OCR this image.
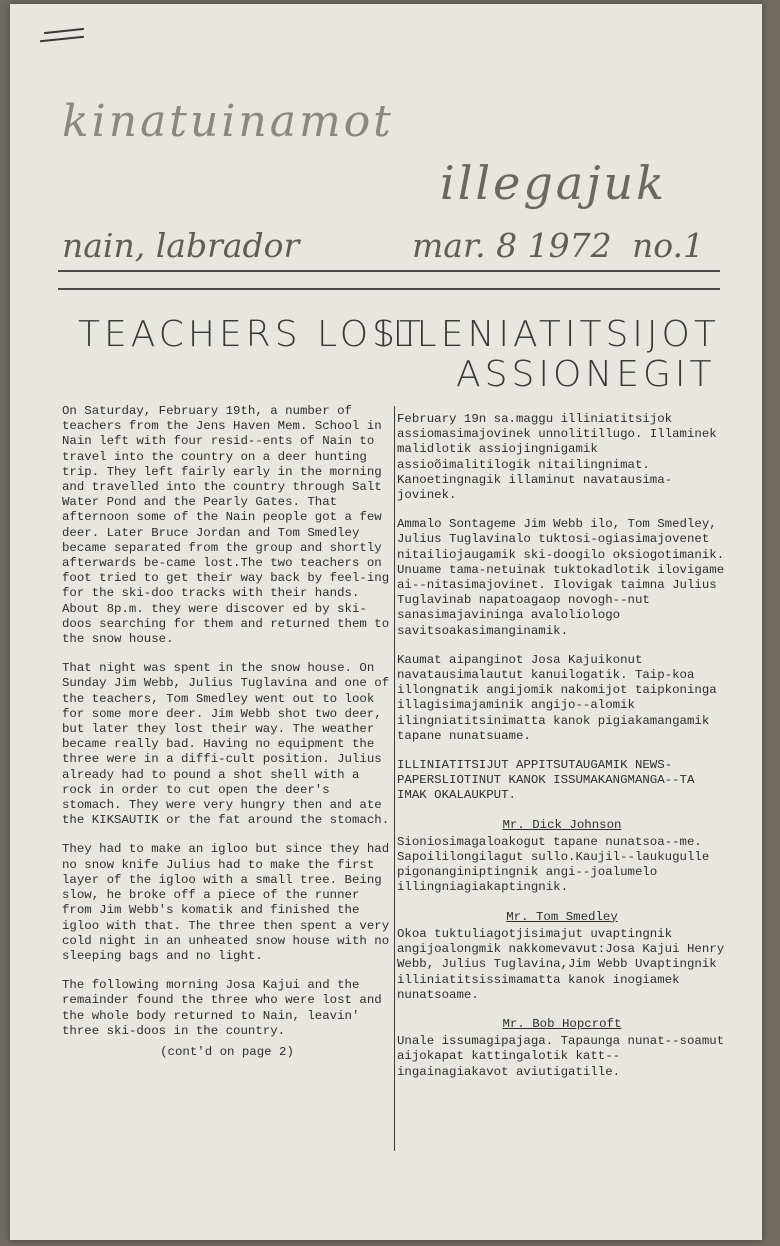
kinatuinamot
illegajuk
nain, labrador	mar. 8 1972 no.1
TEACHERS LOST
ILLENIATITSIJOT
ASSIONEGIT

On Saturday, February 19th, a number of teachers from the Jens Haven Mem. School in Nain left with four resid--ents of Nain to travel into the country on a deer hunting trip. They left fairly early in the morning and travelled into the country through Salt Water Pond and the Pearly Gates. That afternoon some of the Nain people got a few deer. Later Bruce Jordan and Tom Smedley became separated from the group and shortly afterwards be-came lost.The two teachers on foot tried to get their way back by feel-ing for the ski-doo tracks with their hands. About 8p.m. they were discover ed by ski-doos searching for them and returned them to the snow house.

That night was spent in the snow house. On Sunday Jim Webb, Julius Tuglavina and one of the teachers, Tom Smedley went out to look for some more deer. Jim Webb shot two deer, but later they lost their way. The weather became really bad. Having no equipment the three were in a diffi-cult position. Julius already had to pound a shot shell with a rock in order to cut open the deer's stomach. They were very hungry then and ate the KIKSAUTIK or the fat around the stomach.

They had to make an igloo but since they had no snow knife Julius had to make the first layer of the igloo with a small tree. Being slow, he broke off a piece of the runner from Jim Webb's komatik and finished the igloo with that. The three then spent a very cold night in an unheated snow house with no sleeping bags and no light.

The following morning Josa Kajui and the remainder found the three who were lost and the whole body returned to Nain, leavin' three ski-doos in the country.

(cont'd on page 2)

February 19n sa.maggu illiniatitsijok assiomasimajovinek unnolitillugo. Illaminek malidlotik assiojingnigamik assioõimalitilogik nitailingnimat. Kanoetingnagik illaminut navatausima-jovinek.

Ammalo Sontageme Jim Webb ilo, Tom Smedley, Julius Tuglavinalo tuktosi-ogiasimajovenet nitailiojaugamik ski-doogilo oksiogotimanik. Unuame tama-netuinak tuktokadlotik ilovigame ai--nitasimajovinet. Ilovigak taimna Julius Tuglavinab napatoagaop novogh--nut sanasimajaviningа avaloliologo savitsoakasimanginamik.

Kaumat aipanginot Josa Kajuikonut navatausimalautut kanuilogatik. Taip-koa illongnatik angijomik nakomijot taipkoninga illagisimajaminik angijo--alomik ilingniatitsinimatta kanok pigiakamangamik tapane nunatsuame.

ILLINIATITSIJUT APPITSUTAUGAMIK NEWS-PAPERSLIOTINUT KANOK ISSUMAKANGMANGA--TA IMAK OKALAUKPUT.

Mr. Dick Johnson

Sioniosimagaloakogut tapane nunatsoa--me. Sapoililongilagut sullo.Kaujil--laukugulle pigonanginiptingnik angi--joalumelo illingniagiakaptingnik.

Mr. Tom Smedley

Okoa tuktuliagotjisimajut uvaptingnik angijoalongmik nakkomevavut:Josa Kajui Henry Webb, Julius Tuglavina,Jim Webb Uvaptingnik illiniatitsissimamatta kanok inogiamek nunatsoame.

Mr. Bob Hopcroft

Unale issumagipajaga. Tapaunga nunat--soamut aijokapat kattingalotik katt--ingainagiakavot aviutigatille.
